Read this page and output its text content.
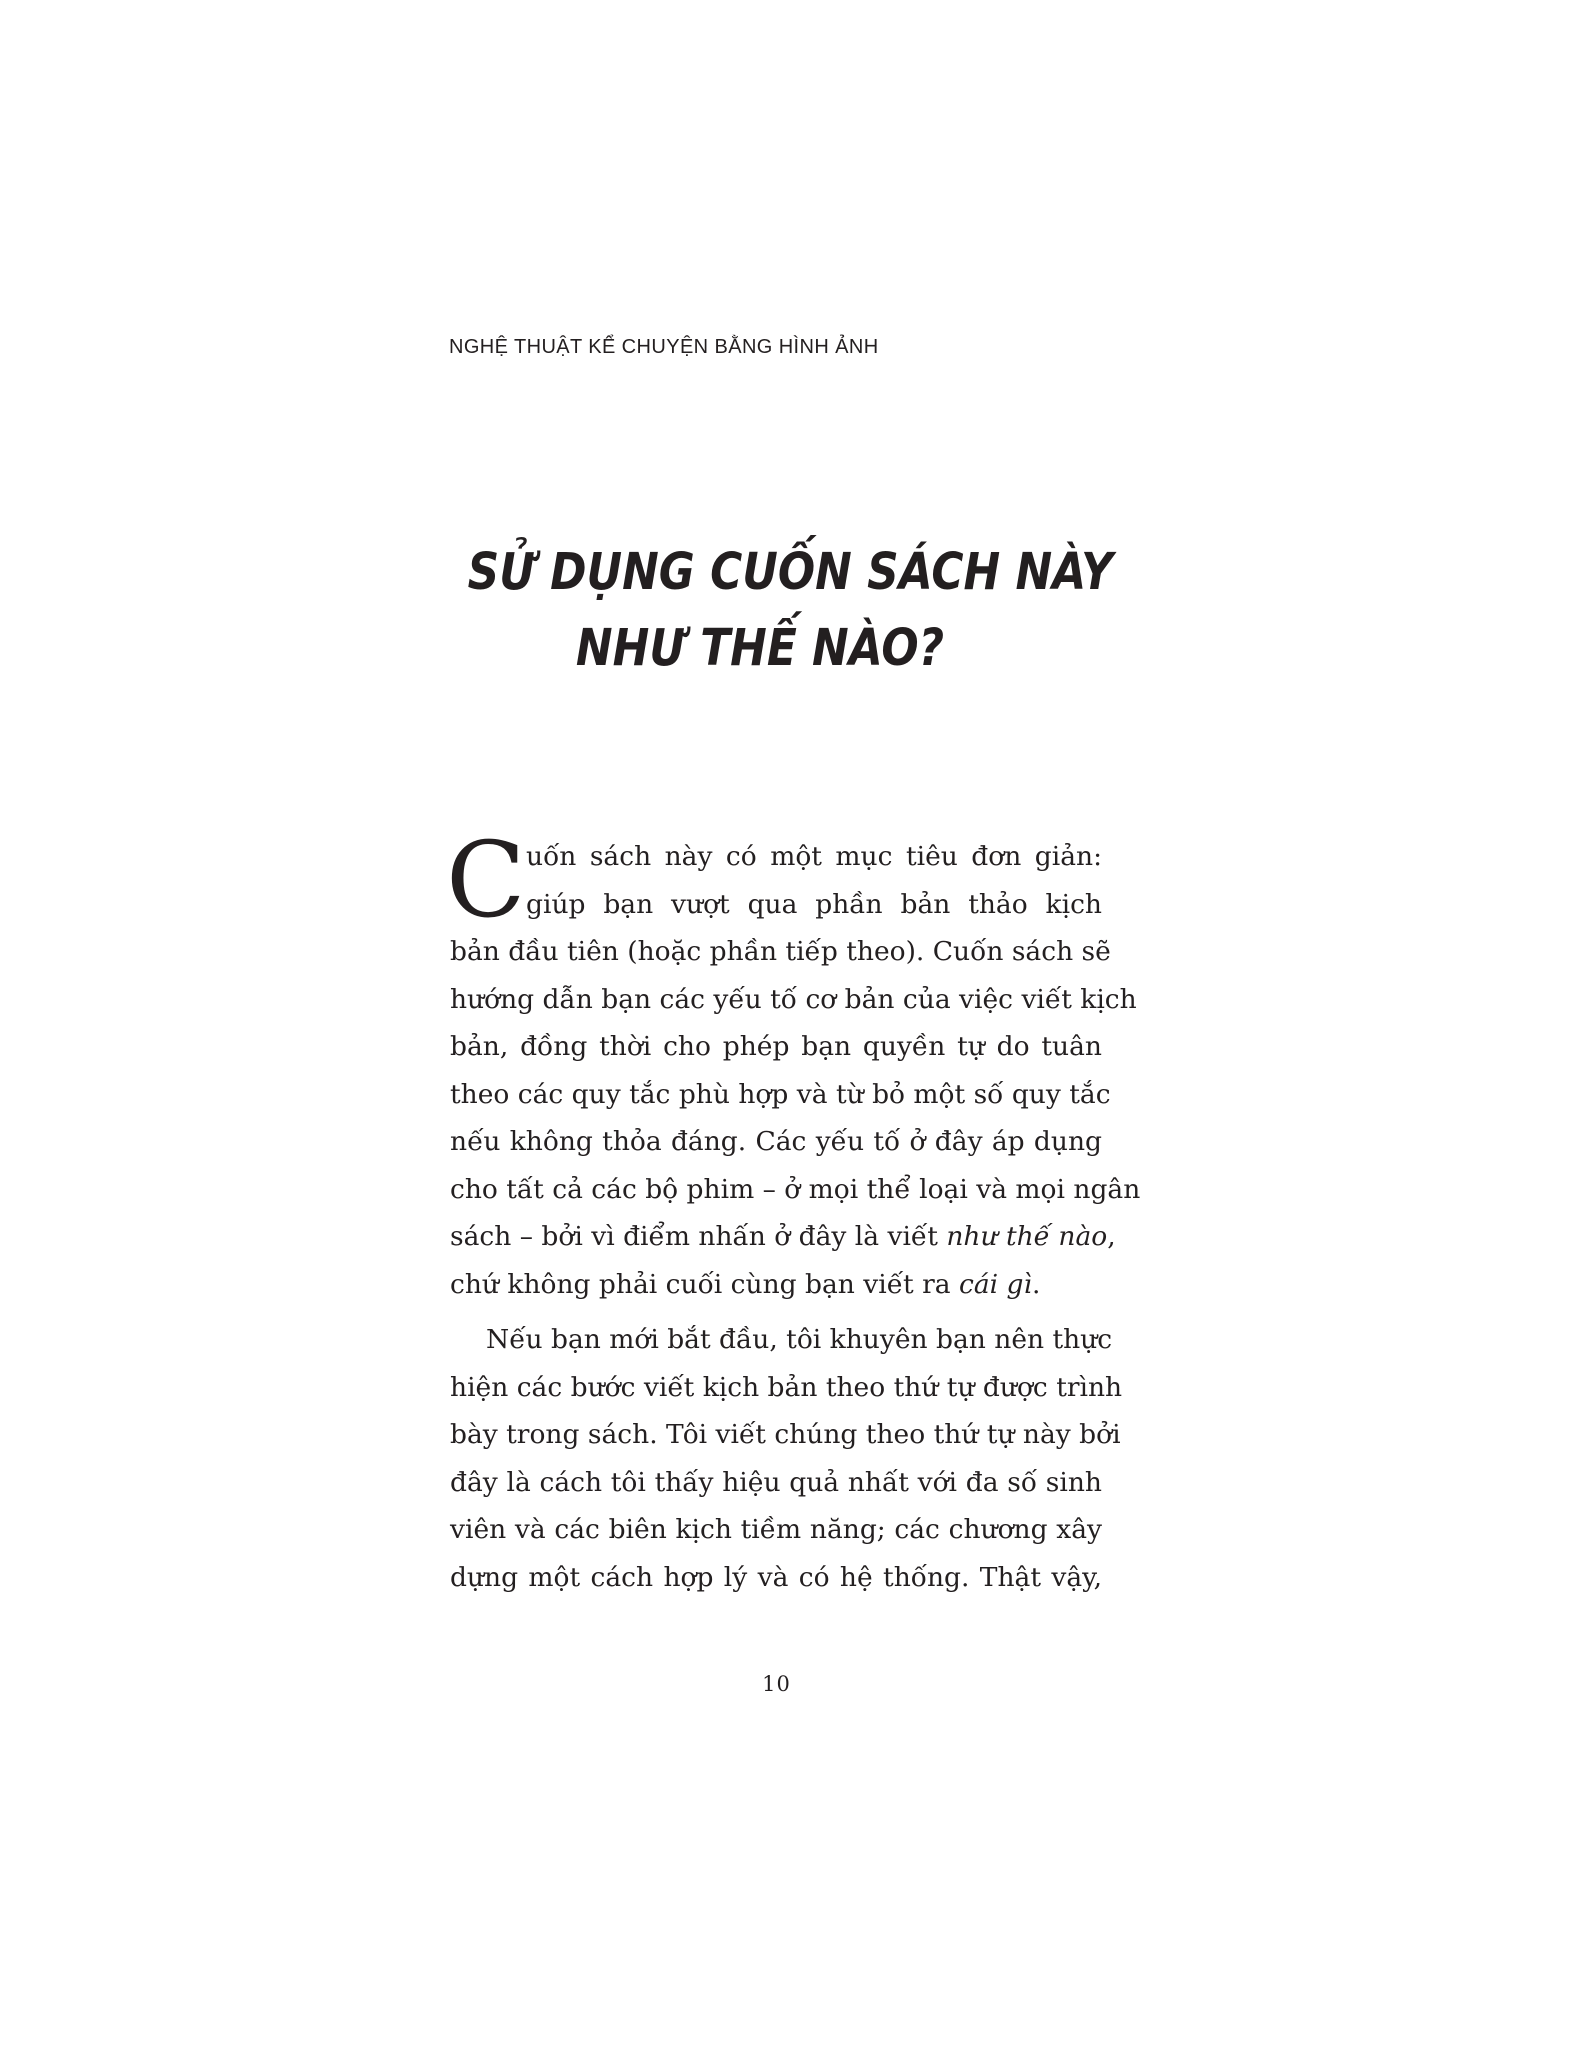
NGHỆ THUẬT KỂ CHUYỆN BẰNG HÌNH ẢNH
SỬ DỤNG CUỐN SÁCH NÀY
NHƯ THẾ NÀO?
C uốn sách này có một mục tiêu đơn giản:
giúp bạn vượt qua phần bản thảo kịch
bản đầu tiên (hoặc phần tiếp theo). Cuốn sách sẽ
hướng dẫn bạn các yếu tố cơ bản của việc viết kịch
bản, đồng thời cho phép bạn quyền tự do tuân
theo các quy tắc phù hợp và từ bỏ một số quy tắc
nếu không thỏa đáng. Các yếu tố ở đây áp dụng
cho tất cả các bộ phim – ở mọi thể loại và mọi ngân
sách – bởi vì điểm nhấn ở đây là viết như thế nào,
chứ không phải cuối cùng bạn viết ra cái gì.
Nếu bạn mới bắt đầu, tôi khuyên bạn nên thực
hiện các bước viết kịch bản theo thứ tự được trình
bày trong sách. Tôi viết chúng theo thứ tự này bởi
đây là cách tôi thấy hiệu quả nhất với đa số sinh
viên và các biên kịch tiềm năng; các chương xây
dựng một cách hợp lý và có hệ thống. Thật vậy,
10
